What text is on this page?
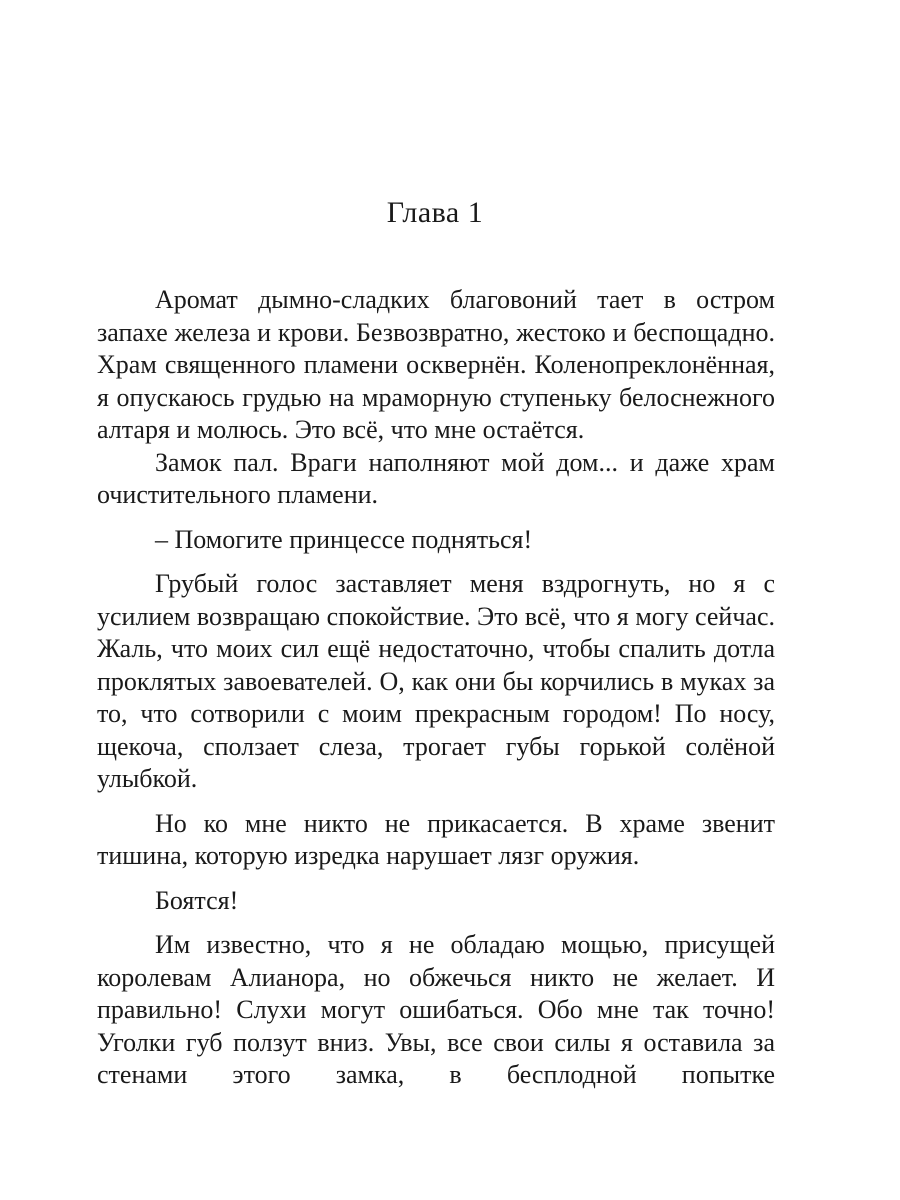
Глава 1

Аромат дымно-сладких благовоний тает в остром запахе железа и крови. Безвозвратно, жестоко и беспощадно. Храм священного пламени осквернён. Коленопреклонённая, я опускаюсь грудью на мраморную ступеньку белоснежного алтаря и молюсь. Это всё, что мне остаётся.

Замок пал. Враги наполняют мой дом... и даже храм очистительного пламени.

– Помогите принцессе подняться!

Грубый голос заставляет меня вздрогнуть, но я с усилием возвращаю спокойствие. Это всё, что я могу сейчас. Жаль, что моих сил ещё недостаточно, чтобы спалить дотла проклятых завоевателей. О, как они бы корчились в муках за то, что сотворили с моим прекрасным городом! По носу, щекоча, сползает слеза, трогает губы горькой солёной улыбкой.

Но ко мне никто не прикасается. В храме звенит тишина, которую изредка нарушает лязг оружия.

Боятся!

Им известно, что я не обладаю мощью, присущей королевам Алианора, но обжечься никто не желает. И правильно! Слухи могут ошибаться. Обо мне так точно! Уголки губ ползут вниз. Увы, все свои силы я оставила за стенами этого замка, в бесплодной попытке
